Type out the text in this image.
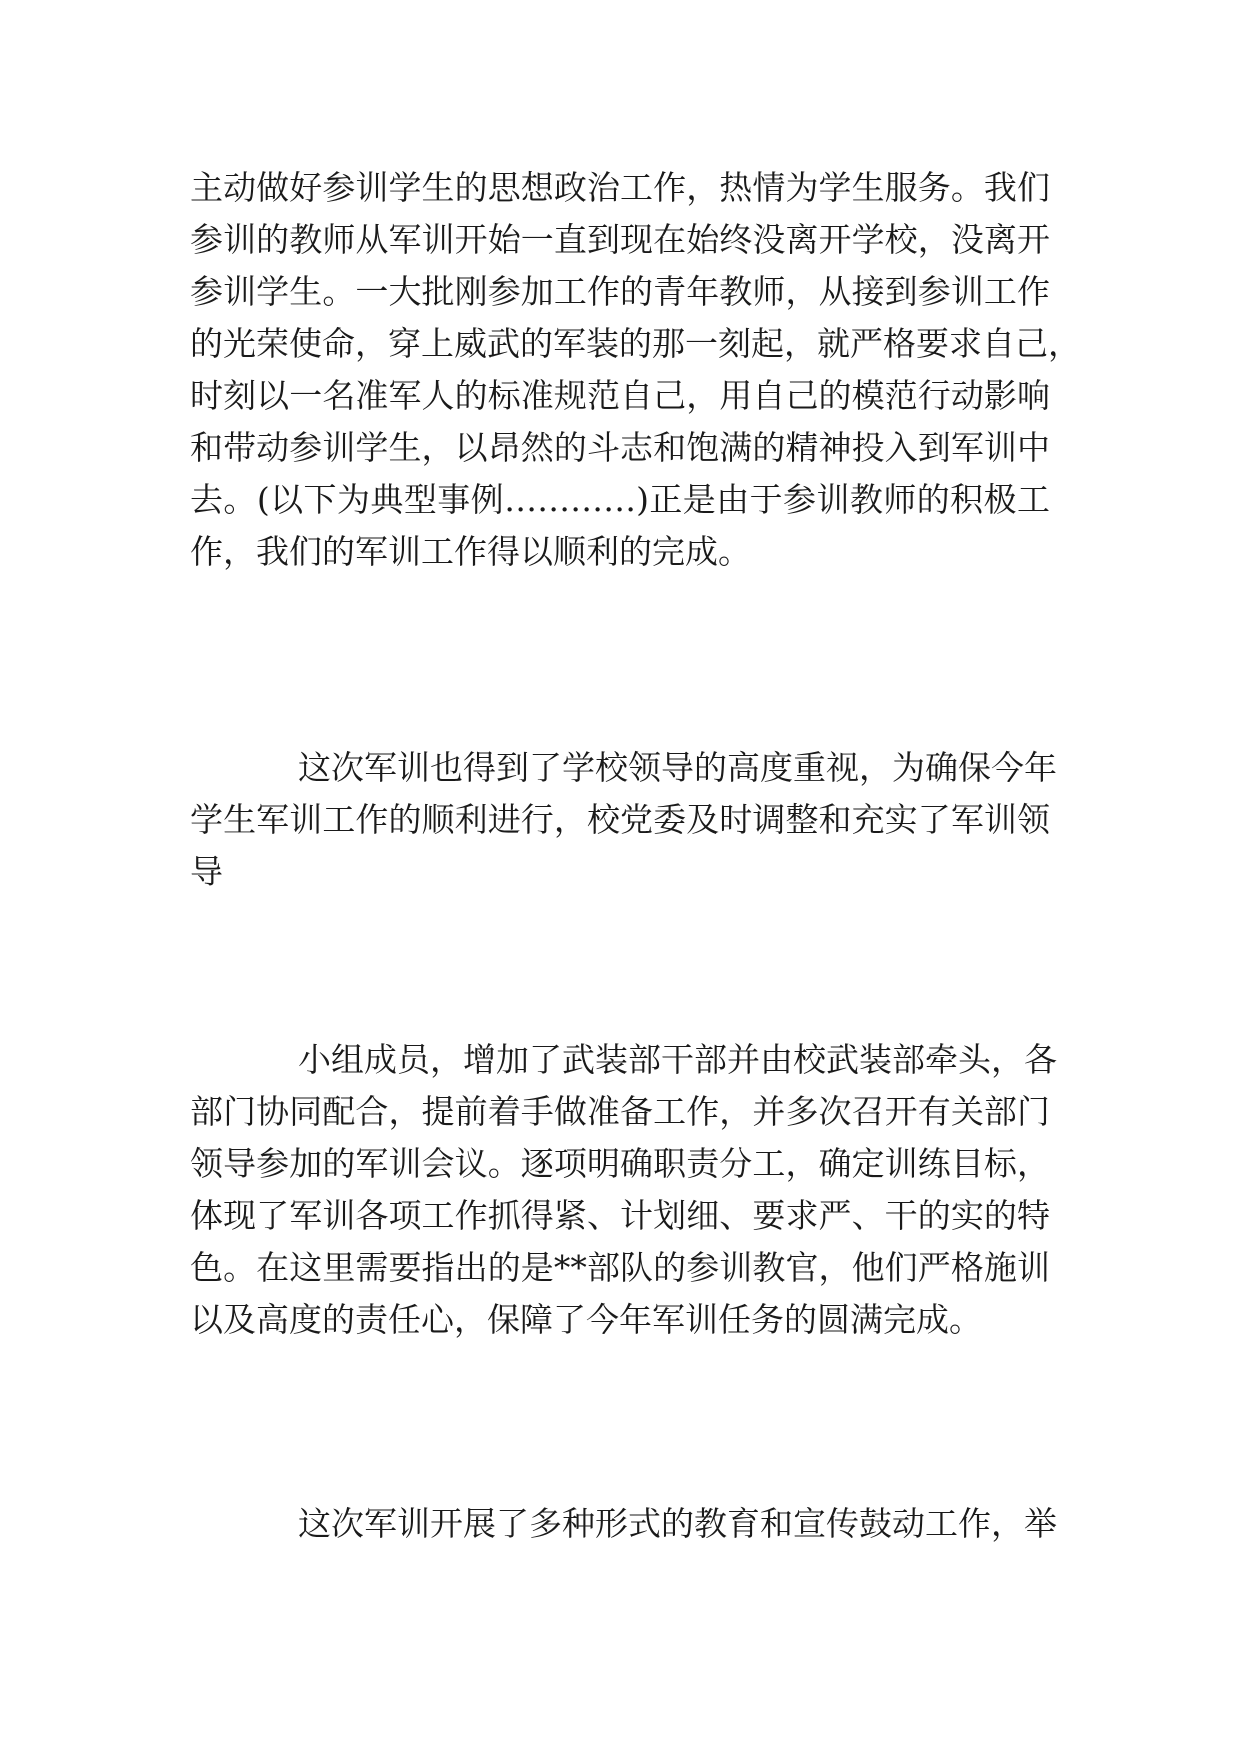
主动做好参训学生的思想政治工作，热情为学生服务。我们
参训的教师从军训开始一直到现在始终没离开学校，没离开
参训学生。一大批刚参加工作的青年教师，从接到参训工作
的光荣使命，穿上威武的军装的那一刻起，就严格要求自己，
时刻以一名准军人的标准规范自己，用自己的模范行动影响
和带动参训学生，以昂然的斗志和饱满的精神投入到军训中
去。(以下为典型事例…………)正是由于参训教师的积极工
作，我们的军训工作得以顺利的完成。
这次军训也得到了学校领导的高度重视，为确保今年
学生军训工作的顺利进行，校党委及时调整和充实了军训领
导
小组成员，增加了武装部干部并由校武装部牵头，各
部门协同配合，提前着手做准备工作，并多次召开有关部门
领导参加的军训会议。逐项明确职责分工，确定训练目标，
体现了军训各项工作抓得紧、计划细、要求严、干的实的特
色。在这里需要指出的是**部队的参训教官，他们严格施训
以及高度的责任心，保障了今年军训任务的圆满完成。
这次军训开展了多种形式的教育和宣传鼓动工作，举
